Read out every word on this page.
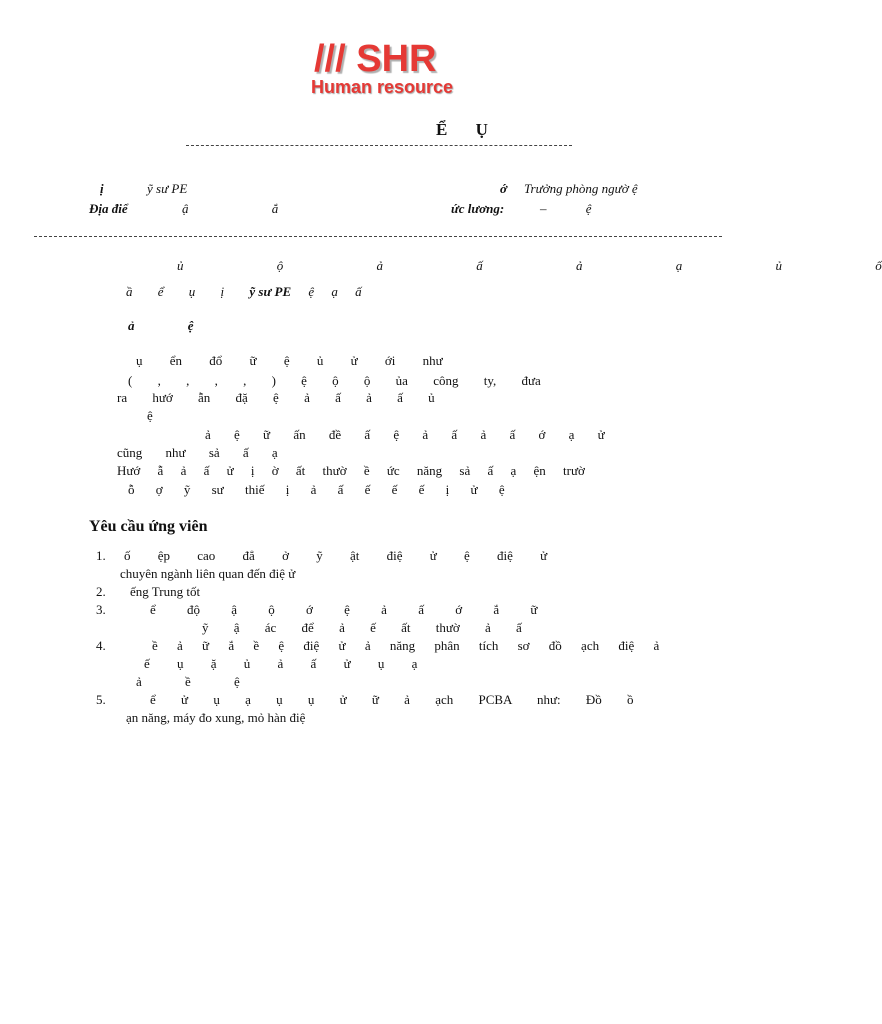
/// SHR
Human resource
Ể Ụ
ị	ỹ sư PE	ớ Trưởng phòng ngườ ệ
Địa điể	ậ ắ	ức lương:	– ệ
ủ ộ ả ấ ả ạ ủ ố
ầ ể ụ ị ỹ sư PE ệ ạ ấ
ả ệ
ụ ển đổ ữ ệ ủ ử ới như
( , , , , ) ệ ộ ộ ủa công ty, đưa
ra hướ ẫn đặ ệ ả ấ ả ấ ủ
ệ
ả ệ ữ ấn đề ấ ệ ả ấ ả ấ ớ ạ ử
cũng như sả ấ ạ
Hướ ẫ ả ấ ử ị ờ ất thườ ề ức năng sả ấ ạ ện trườ
ỗ ợ ỹ sư thiế ị ả ấ ế ế ế ị ử ệ
Yêu cầu ứng viên
1. ố ệp cao đẳ ở ỹ ật điệ ử ệ điệ ử
chuyên ngành liên quan đến điệ ử
2. ếng Trung tốt
3.	ể độ ậ ộ ớ ệ ả ấ ớ ắ ữ
ỹ ậ ác để ả ế ất thườ ả ấ
4.	ề ả ữ ắ ề ệ điệ ử ả năng phân tích sơ đồ ạch điệ ả
ế ụ ặ ủ ả ấ ử ụ ạ
ả ề ệ
5.	ể ử ụ ạ ụ ụ ử ữ ả ạch PCBA như: Đồ ồ
ạn năng, máy đo xung, mỏ hàn điệ
